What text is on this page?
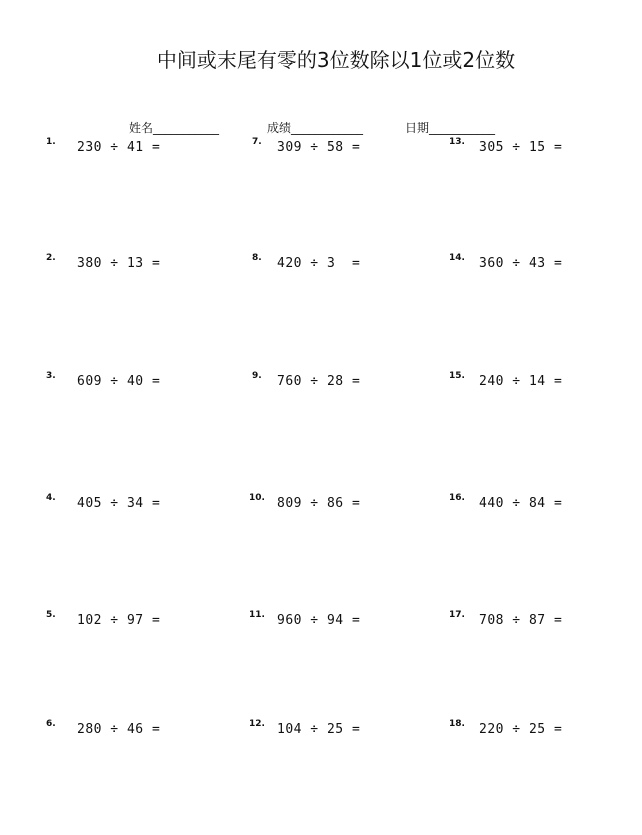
中间或末尾有零的3位数除以1位或2位数
姓名___________	成绩____________	日期___________
1. 230 ÷ 41 =
2. 380 ÷ 13 =
3. 609 ÷ 40 =
4. 405 ÷ 34 =
5. 102 ÷ 97 =
6. 280 ÷ 46 =
7. 309 ÷ 58 =
8. 420 ÷ 3  =
9. 760 ÷ 28 =
10. 809 ÷ 86 =
11. 960 ÷ 94 =
12. 104 ÷ 25 =
13. 305 ÷ 15 =
14. 360 ÷ 43 =
15. 240 ÷ 14 =
16. 440 ÷ 84 =
17. 708 ÷ 87 =
18. 220 ÷ 25 =
